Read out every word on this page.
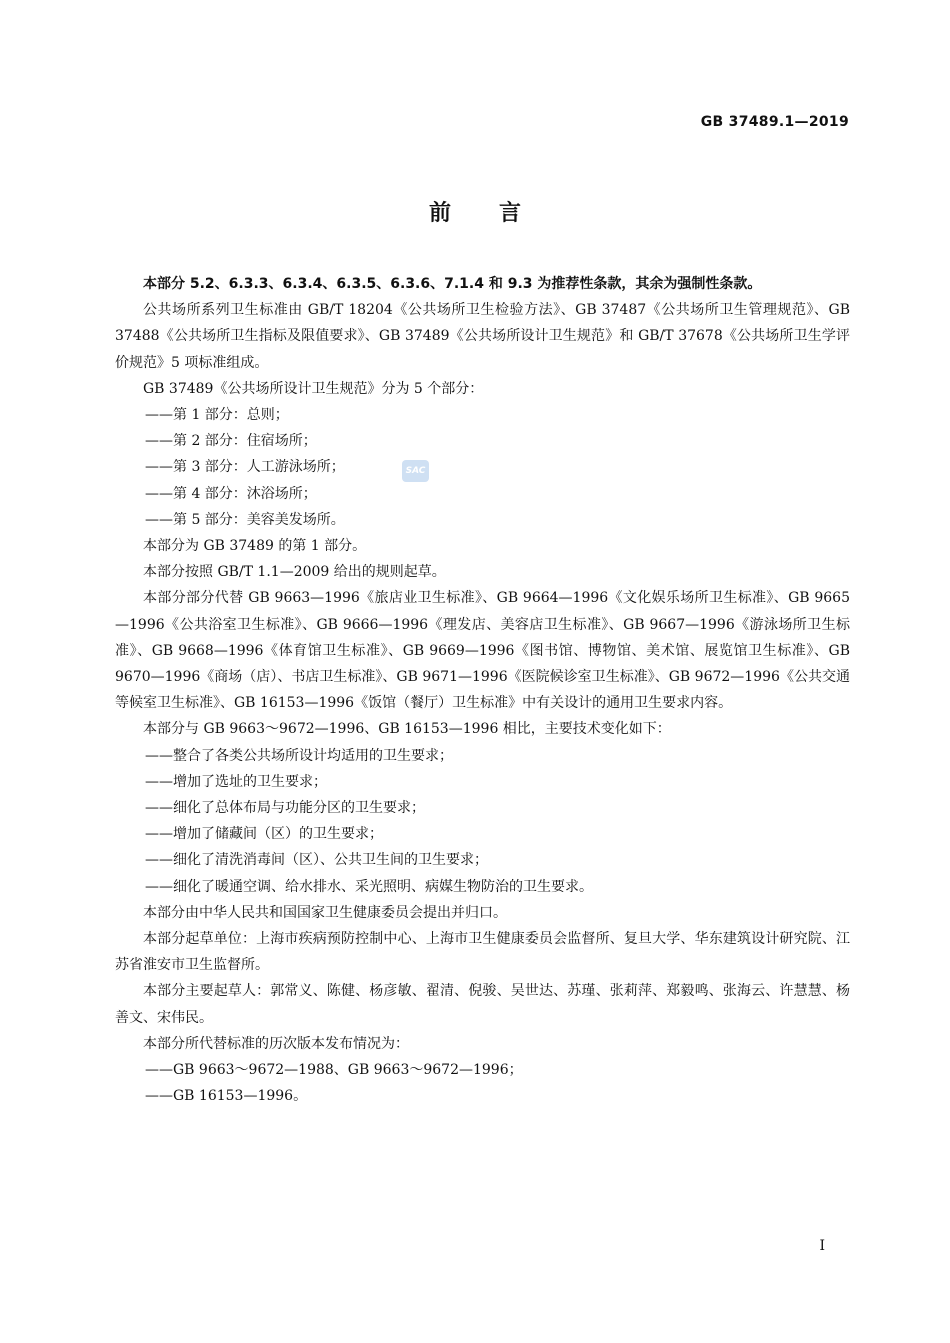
GB 37489.1—2019
前言
SAC

本部分 5.2、6.3.3、6.3.4、6.3.5、6.3.6、7.1.4 和 9.3 为推荐性条款，其余为强制性条款。

公共场所系列卫生标准由 GB/T 18204《公共场所卫生检验方法》、GB 37487《公共场所卫生管理规范》、GB 37488《公共场所卫生指标及限值要求》、GB 37489《公共场所设计卫生规范》和 GB/T 37678《公共场所卫生学评价规范》5 项标准组成。

GB 37489《公共场所设计卫生规范》分为 5 个部分：

——第 1 部分：总则；

——第 2 部分：住宿场所；

——第 3 部分：人工游泳场所；

——第 4 部分：沐浴场所；

——第 5 部分：美容美发场所。

本部分为 GB 37489 的第 1 部分。

本部分按照 GB/T 1.1—2009 给出的规则起草。

本部分部分代替 GB 9663—1996《旅店业卫生标准》、GB 9664—1996《文化娱乐场所卫生标准》、GB 9665—1996《公共浴室卫生标准》、GB 9666—1996《理发店、美容店卫生标准》、GB 9667—1996《游泳场所卫生标准》、GB 9668—1996《体育馆卫生标准》、GB 9669—1996《图书馆、博物馆、美术馆、展览馆卫生标准》、GB 9670—1996《商场（店）、书店卫生标准》、GB 9671—1996《医院候诊室卫生标准》、GB 9672—1996《公共交通等候室卫生标准》、GB 16153—1996《饭馆（餐厅）卫生标准》中有关设计的通用卫生要求内容。

本部分与 GB 9663～9672—1996、GB 16153—1996 相比，主要技术变化如下：

——整合了各类公共场所设计均适用的卫生要求；

——增加了选址的卫生要求；

——细化了总体布局与功能分区的卫生要求；

——增加了储藏间（区）的卫生要求；

——细化了清洗消毒间（区）、公共卫生间的卫生要求；

——细化了暖通空调、给水排水、采光照明、病媒生物防治的卫生要求。

本部分由中华人民共和国国家卫生健康委员会提出并归口。

本部分起草单位：上海市疾病预防控制中心、上海市卫生健康委员会监督所、复旦大学、华东建筑设计研究院、江苏省淮安市卫生监督所。

本部分主要起草人：郭常义、陈健、杨彦敏、翟清、倪骏、吴世达、苏瑾、张莉萍、郑毅鸣、张海云、许慧慧、杨善文、宋伟民。

本部分所代替标准的历次版本发布情况为：

——GB 9663～9672—1988、GB 9663～9672—1996；

——GB 16153—1996。

I
